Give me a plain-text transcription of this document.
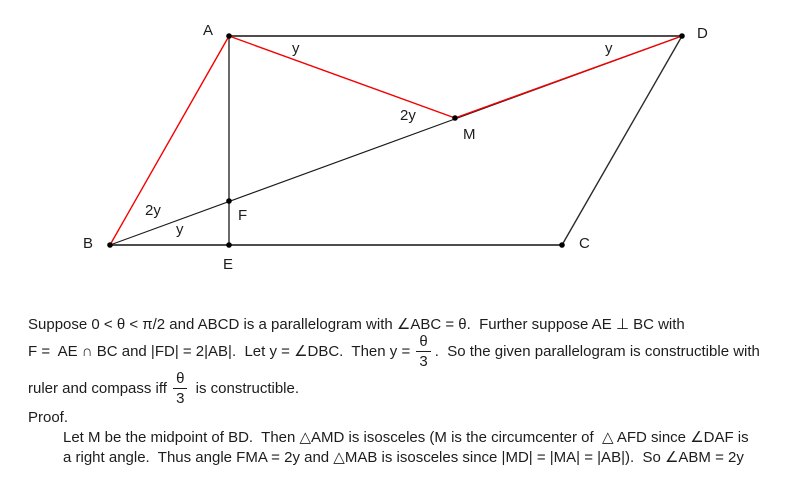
A	D
B	C
E
F
M
y	y
2y
2y
y
Suppose 0 < θ < π/2 and ABCD is a parallelogram with ∠ABC = θ.  Further suppose AE ⊥ BC with
F =  AE ∩ BC and |FD| = 2|AB|.  Let y = ∠DBC.  Then $y = \frac{\theta}{3}$ .  So the given parallelogram is constructible with
ruler and compass iff $\frac{\theta}{3}$ is constructible.
Proof.
Let M be the midpoint of BD.  Then △AMD is isosceles (M is the circumcenter of  △ AFD since ∠DAF is
a right angle.  Thus angle FMA = 2y and △MAB is isosceles since |MD| = |MA| = |AB|).  So ∠ABM = 2y
